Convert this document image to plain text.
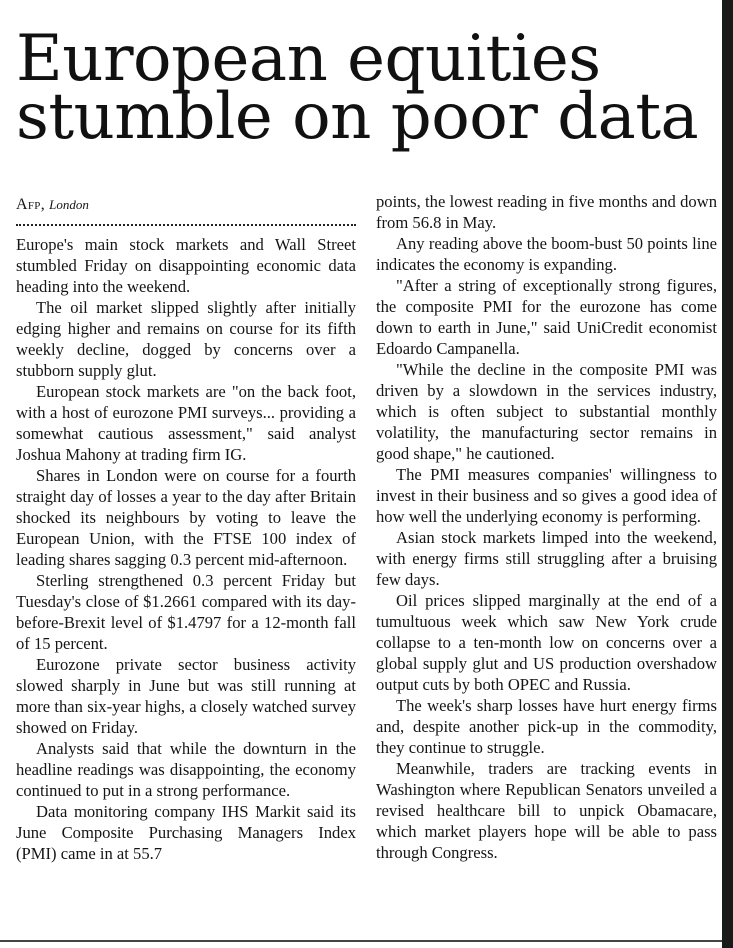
European equities
stumble on poor data
Afp, London

Europe's main stock markets and Wall Street stumbled Friday on disappointing economic data heading into the weekend.

The oil market slipped slightly after initially edging higher and remains on course for its fifth weekly decline, dogged by concerns over a stubborn supply glut.

European stock markets are "on the back foot, with a host of eurozone PMI surveys... providing a somewhat cautious assessment," said analyst Joshua Mahony at trading firm IG.

Shares in London were on course for a fourth straight day of losses a year to the day after Britain shocked its neighbours by voting to leave the European Union, with the FTSE 100 index of leading shares sagging 0.3 percent mid-afternoon.

Sterling strengthened 0.3 percent Friday but Tuesday's close of $1.2661 compared with its day-before-Brexit level of $1.4797 for a 12-month fall of 15 percent.

Eurozone private sector business activity slowed sharply in June but was still running at more than six-year highs, a closely watched survey showed on Friday.

Analysts said that while the downturn in the headline readings was disappointing, the economy continued to put in a strong performance.

Data monitoring company IHS Markit said its June Composite Purchasing Managers Index (PMI) came in at 55.7

points, the lowest reading in five months and down from 56.8 in May.

Any reading above the boom-bust 50 points line indicates the economy is expanding.

"After a string of exceptionally strong figures, the composite PMI for the eurozone has come down to earth in June," said UniCredit economist Edoardo Campanella.

"While the decline in the composite PMI was driven by a slowdown in the services industry, which is often subject to substantial monthly volatility, the manufacturing sector remains in good shape," he cautioned.

The PMI measures companies' willingness to invest in their business and so gives a good idea of how well the underlying economy is performing.

Asian stock markets limped into the weekend, with energy firms still struggling after a bruising few days.

Oil prices slipped marginally at the end of a tumultuous week which saw New York crude collapse to a ten-month low on concerns over a global supply glut and US production overshadow output cuts by both OPEC and Russia.

The week's sharp losses have hurt energy firms and, despite another pick-up in the commodity, they continue to struggle.

Meanwhile, traders are tracking events in Washington where Republican Senators unveiled a revised healthcare bill to unpick Obamacare, which market players hope will be able to pass through Congress.
